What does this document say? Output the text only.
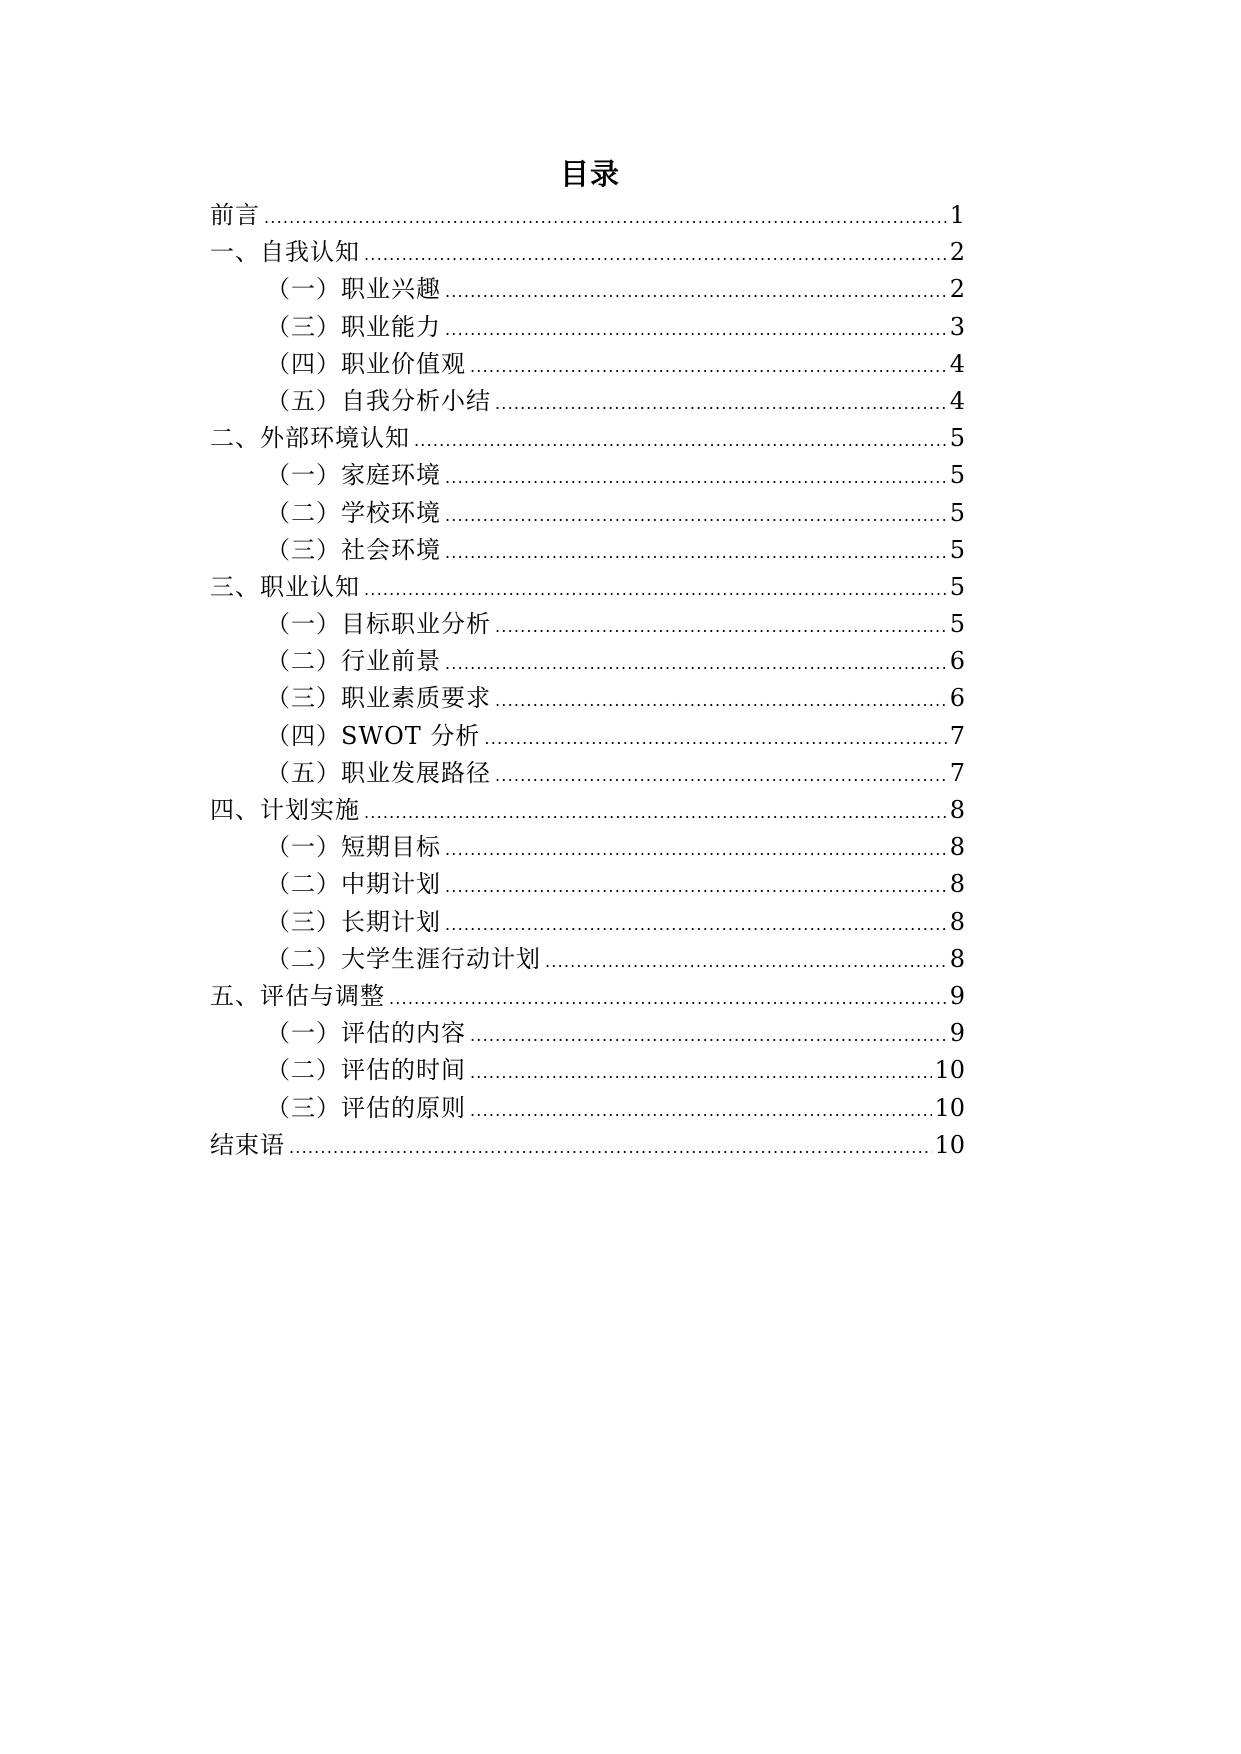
目录
前言 .....	1
一、自我认知 .....	2
（一）职业兴趣 .....	2
（三）职业能力 .....	3
（四）职业价值观 .....	4
（五）自我分析小结 .....	4
二、外部环境认知 .....	5
（一）家庭环境 .....	5
（二）学校环境 .....	5
（三）社会环境 .....	5
三、职业认知 .....	5
（一）目标职业分析 .....	5
（二）行业前景 .....	6
（三）职业素质要求 .....	6
（四）SWOT 分析 .....	7
（五）职业发展路径 .....	7
四、计划实施 .....	8
（一）短期目标 .....	8
（二）中期计划 .....	8
（三）长期计划 .....	8
（二）大学生涯行动计划 .....	8
五、评估与调整 .....	9
（一）评估的内容 .....	9
（二）评估的时间 .....	10
（三）评估的原则 .....	10
结束语 .....	10
